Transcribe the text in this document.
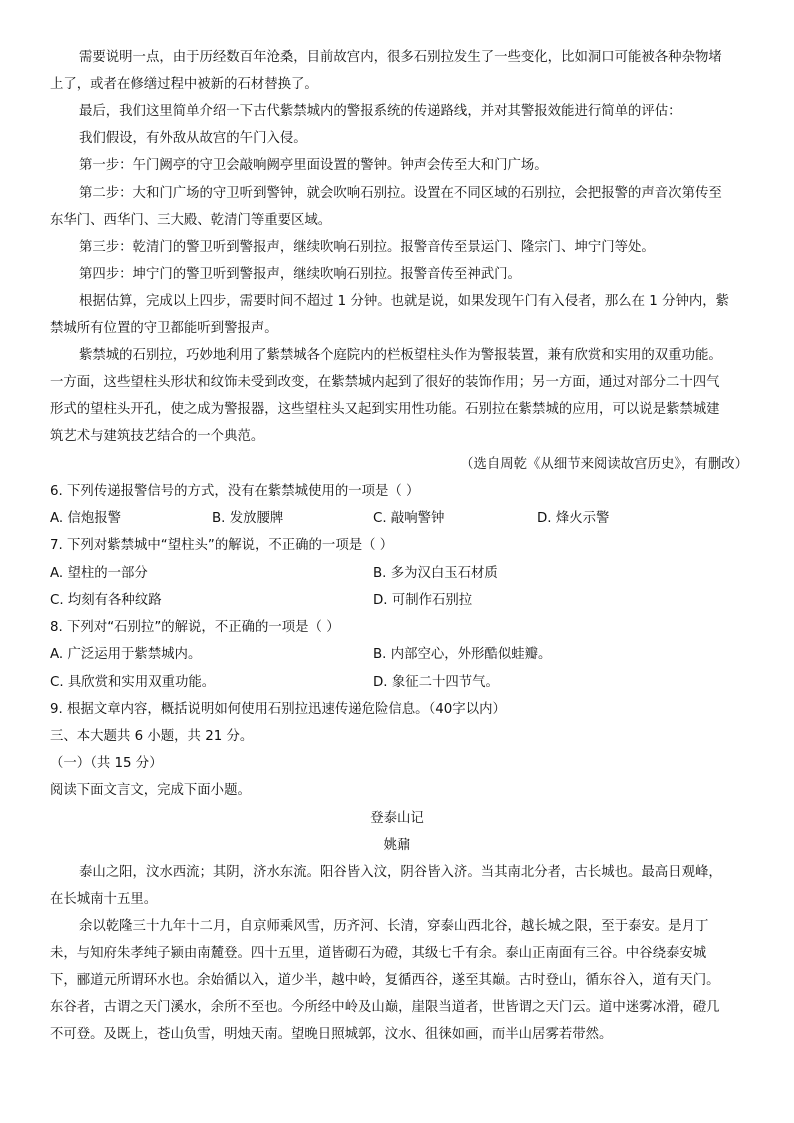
需要说明一点，由于历经数百年沧桑，目前故宫内，很多石别拉发生了一些变化，比如洞口可能被各种杂物堵
上了，或者在修缮过程中被新的石材替换了。
最后，我们这里简单介绍一下古代紫禁城内的警报系统的传递路线，并对其警报效能进行简单的评估：
我们假设，有外敌从故宫的午门入侵。
第一步：午门阙亭的守卫会敲响阙亭里面设置的警钟。钟声会传至大和门广场。
第二步：大和门广场的守卫听到警钟，就会吹响石别拉。设置在不同区域的石别拉，会把报警的声音次第传至
东华门、西华门、三大殿、乾清门等重要区域。
第三步：乾清门的警卫听到警报声，继续吹响石别拉。报警音传至景运门、隆宗门、坤宁门等处。
第四步：坤宁门的警卫听到警报声，继续吹响石别拉。报警音传至神武门。
根据估算，完成以上四步，需要时间不超过 1 分钟。也就是说，如果发现午门有入侵者，那么在 1 分钟内，紫
禁城所有位置的守卫都能听到警报声。
紫禁城的石别拉，巧妙地利用了紫禁城各个庭院内的栏板望柱头作为警报装置，兼有欣赏和实用的双重功能。
一方面，这些望柱头形状和纹饰未受到改变，在紫禁城内起到了很好的装饰作用；另一方面，通过对部分二十四气
形式的望柱头开孔，使之成为警报器，这些望柱头又起到实用性功能。石别拉在紫禁城的应用，可以说是紫禁城建
筑艺术与建筑技艺结合的一个典范。
（选自周乾《从细节来阅读故宫历史》，有删改）
6. 下列传递报警信号的方式，没有在紫禁城使用的一项是（ ）
A. 信炮报警	B. 发放腰牌	C. 敲响警钟	D. 烽火示警
7. 下列对紫禁城中“望柱头”的解说，不正确的一项是（ ）
A. 望柱的一部分	B. 多为汉白玉石材质
C. 均刻有各种纹路	D. 可制作石别拉
8. 下列对“石别拉”的解说，不正确的一项是（ ）
A. 广泛运用于紫禁城内。	B. 内部空心，外形酷似蛙瓣。
C. 具欣赏和实用双重功能。	D. 象征二十四节气。
9. 根据文章内容，概括说明如何使用石别拉迅速传递危险信息。（40字以内）
三、本大题共 6 小题，共 21 分。
（一）（共 15 分）
阅读下面文言文，完成下面小题。
登泰山记
姚鼐
泰山之阳，汶水西流；其阴，济水东流。阳谷皆入汶，阴谷皆入济。当其南北分者，古长城也。最高日观峰，
在长城南十五里。
余以乾隆三十九年十二月，自京师乘风雪，历齐河、长清，穿泰山西北谷，越长城之限，至于泰安。是月丁
未，与知府朱孝纯子颍由南麓登。四十五里，道皆砌石为磴，其级七千有余。泰山正南面有三谷。中谷绕泰安城
下，郦道元所谓环水也。余始循以入，道少半，越中岭，复循西谷，遂至其巅。古时登山，循东谷入，道有天门。
东谷者，古谓之天门溪水，余所不至也。今所经中岭及山巅，崖限当道者，世皆谓之天门云。道中迷雾冰滑，磴几
不可登。及既上，苍山负雪，明烛天南。望晚日照城郭，汶水、徂徕如画，而半山居雾若带然。
